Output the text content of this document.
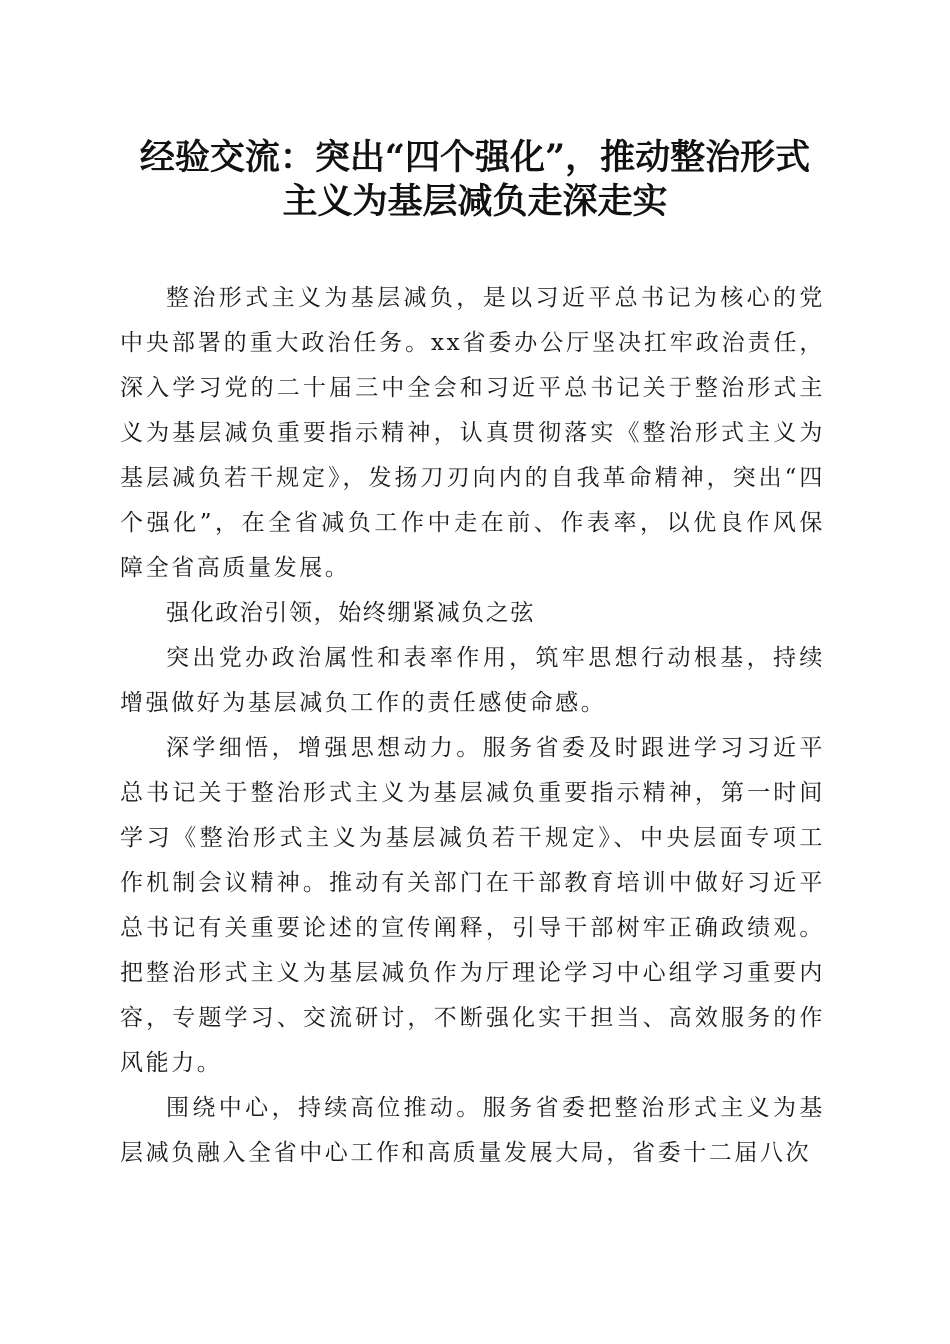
经验交流：突出“四个强化”，推动整治形式
主义为基层减负走深走实

整治形式主义为基层减负，是以习近平总书记为核心的党中央部署的重大政治任务。xx省委办公厅坚决扛牢政治责任，深入学习党的二十届三中全会和习近平总书记关于整治形式主义为基层减负重要指示精神，认真贯彻落实《整治形式主义为基层减负若干规定》，发扬刀刃向内的自我革命精神，突出“四个强化”，在全省减负工作中走在前、作表率，以优良作风保障全省高质量发展。

强化政治引领，始终绷紧减负之弦

突出党办政治属性和表率作用，筑牢思想行动根基，持续增强做好为基层减负工作的责任感使命感。

深学细悟，增强思想动力。服务省委及时跟进学习习近平总书记关于整治形式主义为基层减负重要指示精神，第一时间学习《整治形式主义为基层减负若干规定》、中央层面专项工作机制会议精神。推动有关部门在干部教育培训中做好习近平总书记有关重要论述的宣传阐释，引导干部树牢正确政绩观。把整治形式主义为基层减负作为厅理论学习中心组学习重要内容，专题学习、交流研讨，不断强化实干担当、高效服务的作风能力。

围绕中心，持续高位推动。服务省委把整治形式主义为基层减负融入全省中心工作和高质量发展大局，省委十二届八次
